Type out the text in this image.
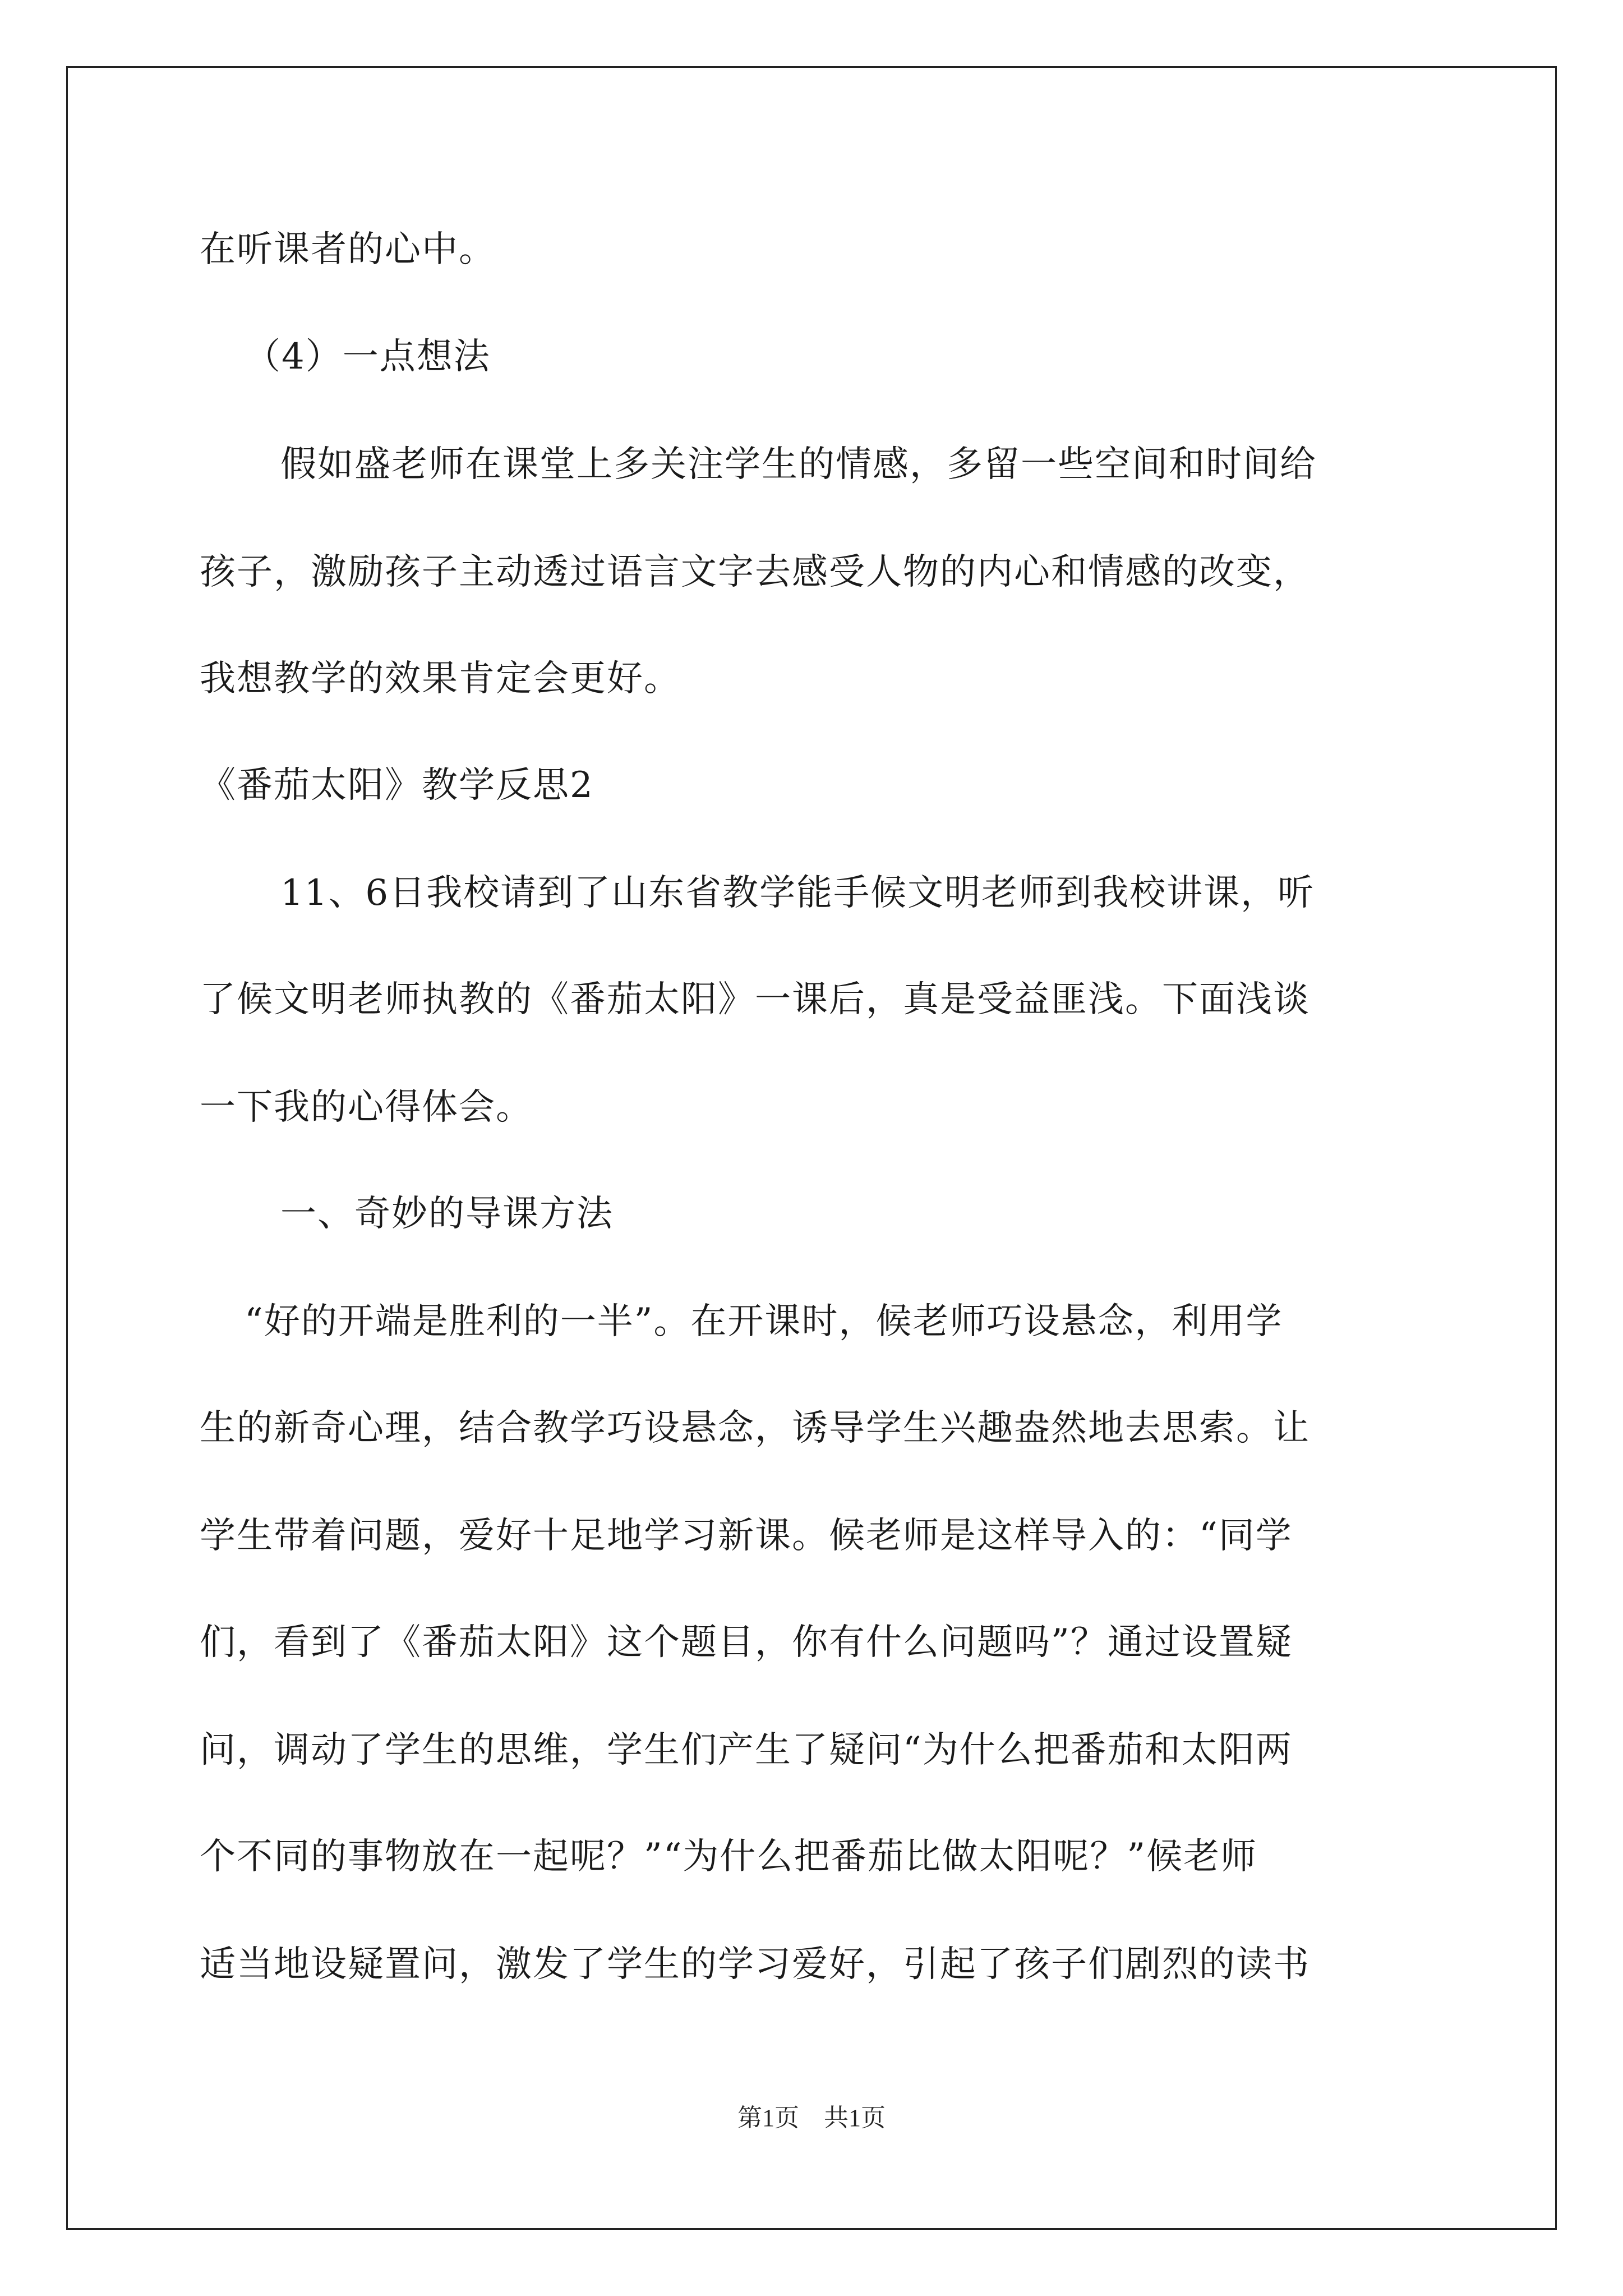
在听课者的心中。
（4）一点想法
假如盛老师在课堂上多关注学生的情感，多留一些空间和时间给
孩子，激励孩子主动透过语言文字去感受人物的内心和情感的改变，
我想教学的效果肯定会更好。
《番茄太阳》教学反思2
11、6日我校请到了山东省教学能手候文明老师到我校讲课，听
了候文明老师执教的《番茄太阳》一课后，真是受益匪浅。下面浅谈
一下我的心得体会。
一、奇妙的导课方法
“好的开端是胜利的一半”。在开课时，候老师巧设悬念，利用学
生的新奇心理，结合教学巧设悬念，诱导学生兴趣盎然地去思索。让
学生带着问题，爱好十足地学习新课。候老师是这样导入的：“同学
们，看到了《番茄太阳》这个题目，你有什么问题吗”？通过设置疑
问，调动了学生的思维，学生们产生了疑问“为什么把番茄和太阳两
个不同的事物放在一起呢？”“为什么把番茄比做太阳呢？”候老师
适当地设疑置问，激发了学生的学习爱好，引起了孩子们剧烈的读书
第1页　共1页
